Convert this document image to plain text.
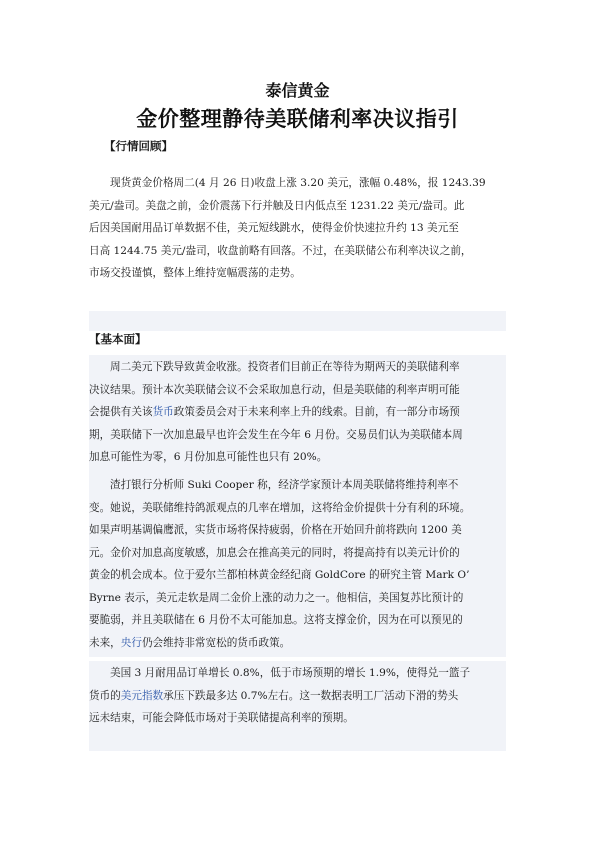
泰信黄金
金价整理静待美联储利率决议指引
【行情回顾】
现货黄金价格周二(4 月 26 日)收盘上涨 3.20 美元，涨幅 0.48%，报 1243.39
美元/盎司。美盘之前，金价震荡下行并触及日内低点至 1231.22 美元/盎司。此
后因美国耐用品订单数据不佳，美元短线跳水，使得金价快速拉升约 13 美元至
日高 1244.75 美元/盎司，收盘前略有回落。不过，在美联储公布利率决议之前，
市场交投谨慎，整体上维持宽幅震荡的走势。
【基本面】
周二美元下跌导致黄金收涨。投资者们目前正在等待为期两天的美联储利率
决议结果。预计本次美联储会议不会采取加息行动，但是美联储的利率声明可能
会提供有关该货币政策委员会对于未来利率上升的线索。目前，有一部分市场预
期，美联储下一次加息最早也许会发生在今年 6 月份。交易员们认为美联储本周
加息可能性为零，6 月份加息可能性也只有 20%。
渣打银行分析师 Suki Cooper 称，经济学家预计本周美联储将维持利率不
变。她说，美联储维持鸽派观点的几率在增加，这将给金价提供十分有利的环境。
如果声明基调偏鹰派，实货市场将保持疲弱，价格在开始回升前将跌向 1200 美
元。金价对加息高度敏感，加息会在推高美元的同时，将提高持有以美元计价的
黄金的机会成本。位于爱尔兰都柏林黄金经纪商 GoldCore 的研究主管 Mark O’
Byrne 表示，美元走软是周二金价上涨的动力之一。他相信，美国复苏比预计的
要脆弱，并且美联储在 6 月份不太可能加息。这将支撑金价，因为在可以预见的
未来，央行仍会维持非常宽松的货币政策。
美国 3 月耐用品订单增长 0.8%，低于市场预期的增长 1.9%，使得兑一篮子
货币的美元指数承压下跌最多达 0.7%左右。这一数据表明工厂活动下滑的势头
远未结束，可能会降低市场对于美联储提高利率的预期。
